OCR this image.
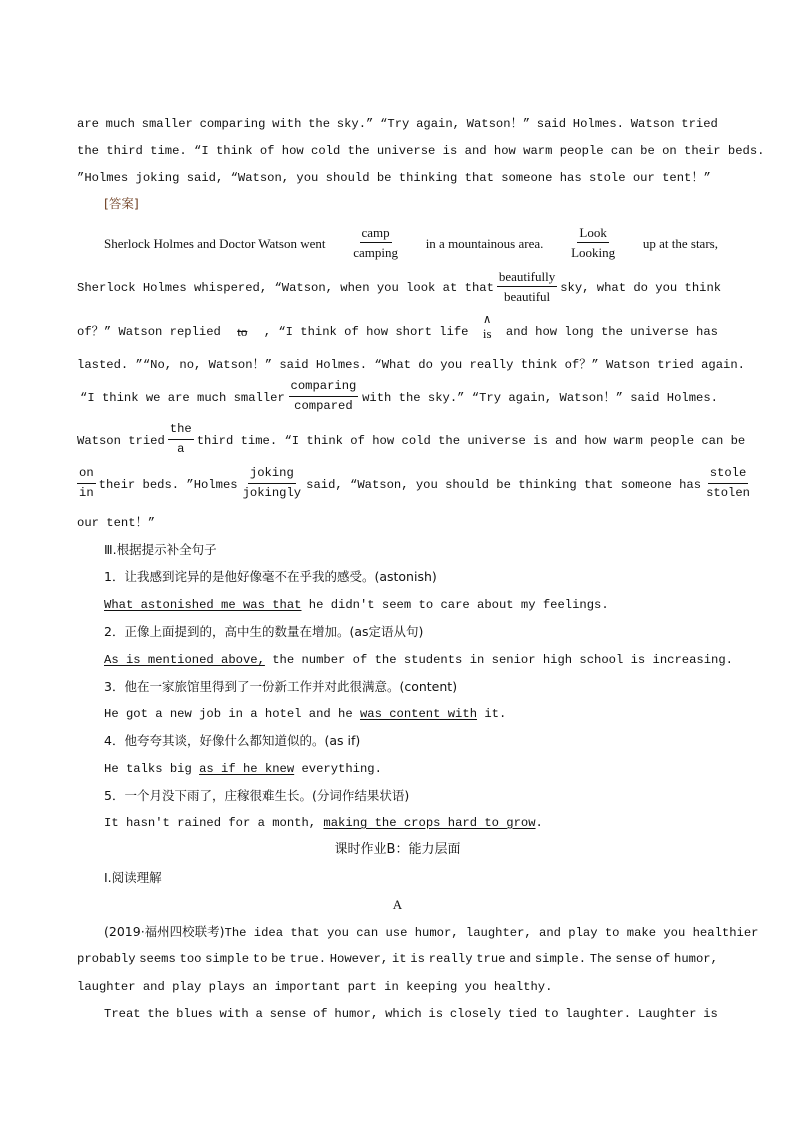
are much smaller comparing with the sky.” “Try again, Watson！” said Holmes. Watson tried
the third time. “I think of how cold the universe is and how warm people can be on their beds.
”Holmes joking said, “Watson, you should be thinking that someone has stole our tent！”
[答案]
Sherlock Holmes and Doctor Watson went $\frac{\text{camp}}{\text{camping}}$ in a mountainous area. $\frac{\text{Look}}{\text{Looking}}$ up at the stars,
Sherlock Holmes whispered, “Watson, when you look at that $\frac{\text{beautifully}}{\text{beautiful}}$ sky, what do you think
of？” Watson replied to , “I think of how short life
∧
is and how long the universe has
lasted. ”“No, no, Watson！” said Holmes. “What do you really think of？” Watson tried again.
“I think we are much smaller $\frac{\text{comparing}}{\text{compared}}$ with the sky.” “Try again, Watson！” said Holmes.
Watson tried $\frac{\text{the}}{a}$ third time. “I think of how cold the universe is and how warm people can be
$\frac{on}{in}$ their beds. ”Holmes $\frac{\text{joking}}{\text{jokingly}}$ said, “Watson, you should be thinking that someone has $\frac{\text{stole}}{\text{stolen}}$
our tent！”
Ⅲ.根据提示补全句子
1．让我感到诧异的是他好像毫不在乎我的感受。(astonish)
What astonished me was that he didn't seem to care about my feelings.
2．正像上面提到的，高中生的数量在增加。(as定语从句)
As is mentioned above, the number of the students in senior high school is increasing.
3．他在一家旅馆里得到了一份新工作并对此很满意。(content)
He got a new job in a hotel and he was content with it.
4．他夸夸其谈，好像什么都知道似的。(as if)
He talks big as if he knew everything.
5．一个月没下雨了，庄稼很难生长。(分词作结果状语)
It hasn't rained for a month, making the crops hard to grow.
课时作业B：能力层面
Ⅰ.阅读理解
A
(2019·福州四校联考)The idea that you can use humor, laughter, and play to make you healthier
probably seems too simple to be true. However, it is really true and simple. The sense of humor,
laughter and play plays an important part in keeping you healthy.
Treat the blues with a sense of humor, which is closely tied to laughter. Laughter is
